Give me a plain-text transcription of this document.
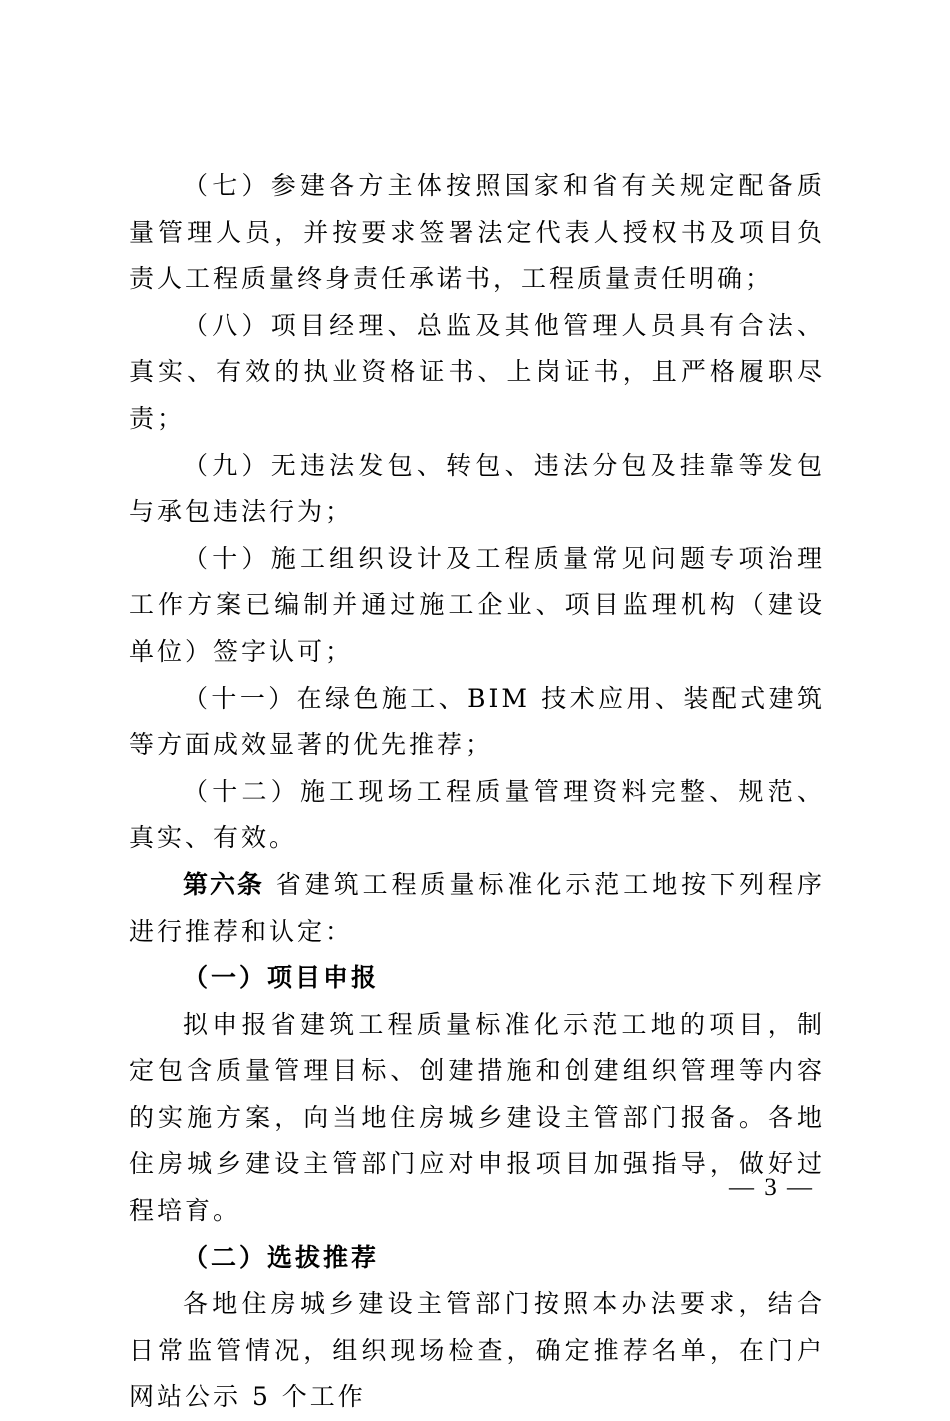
（七）参建各方主体按照国家和省有关规定配备质量管理人员，并按要求签署法定代表人授权书及项目负责人工程质量终身责任承诺书，工程质量责任明确；

（八）项目经理、总监及其他管理人员具有合法、真实、有效的执业资格证书、上岗证书，且严格履职尽责；

（九）无违法发包、转包、违法分包及挂靠等发包与承包违法行为；

（十）施工组织设计及工程质量常见问题专项治理工作方案已编制并通过施工企业、项目监理机构（建设单位）签字认可；

（十一）在绿色施工、BIM 技术应用、装配式建筑等方面成效显著的优先推荐；

（十二）施工现场工程质量管理资料完整、规范、真实、有效。

第六条 省建筑工程质量标准化示范工地按下列程序进行推荐和认定：

（一）项目申报

拟申报省建筑工程质量标准化示范工地的项目，制定包含质量管理目标、创建措施和创建组织管理等内容的实施方案，向当地住房城乡建设主管部门报备。各地住房城乡建设主管部门应对申报项目加强指导，做好过程培育。

（二）选拔推荐

各地住房城乡建设主管部门按照本办法要求，结合日常监管情况，组织现场检查，确定推荐名单，在门户网站公示 5 个工作

— 3 —
